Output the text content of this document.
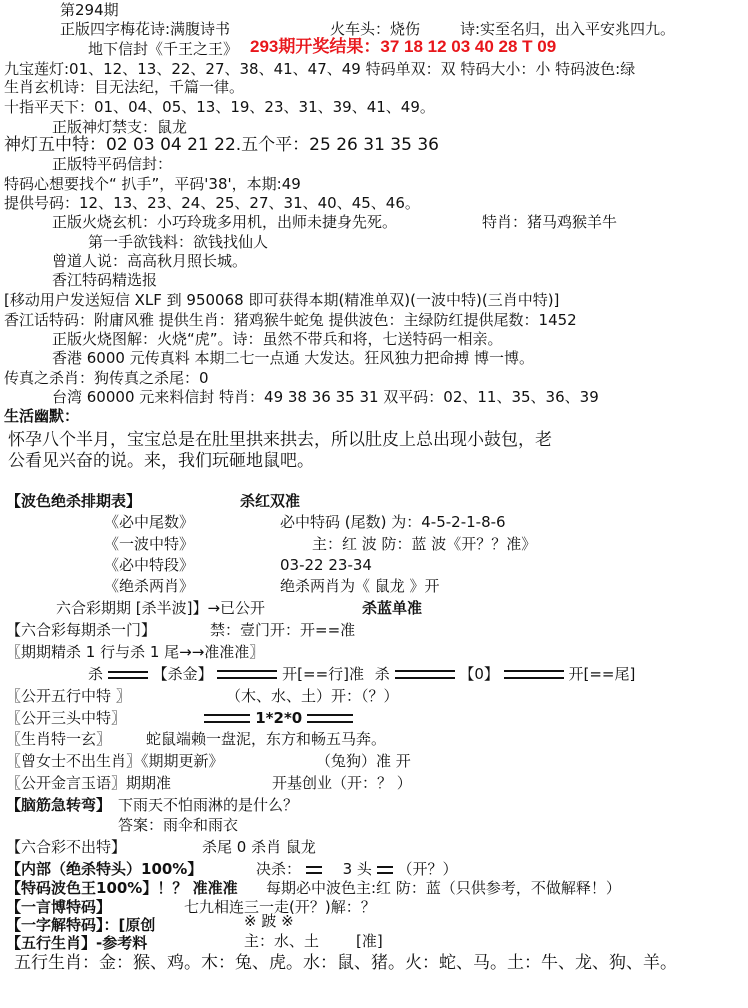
第294期
正版四字梅花诗:满腹诗书	火车头：烧伤	诗:实至名归，出入平安兆四九。
地下信封《千王之王》 293期开奖结果：37 18 12 03 40 28 T 09
九宝莲灯:01、12、13、22、27、38、41、47、49 特码单双：双 特码大小：小 特码波色:绿
生肖玄机诗：目无法纪，千篇一律。
十指平天下：01、04、05、13、19、23、31、39、41、49。
正版神灯禁支：鼠龙
神灯五中特：02 03 04 21 22.五个平：25 26 31 35 36
正版特平码信封：
特码心想要找个“ 扒手”，平码'38'，本期:49
提供号码：12、13、23、24、25、27、31、40、45、46。
正版火烧玄机：小巧玲珑多用机，出师未捷身先死。	特肖：猪马鸡猴羊牛
第一手欲钱料：欲钱找仙人
曾道人说：高高秋月照长城。
香江特码精选报
[移动用户发送短信 XLF 到 950068 即可获得本期(精准单双)(一波中特)(三肖中特)]
香江话特码：附庸风雅 提供生肖：猪鸡猴牛蛇兔 提供波色：主绿防红提供尾数：1452
正版火烧图解：火烧“虎”。诗：虽然不带兵和将，七送特码一相亲。
香港 6000 元传真料 本期二七一点通 大发达。狂风独力把命搏 博一博。
传真之杀肖：狗传真之杀尾：0
台湾 60000 元来料信封 特肖：49 38 36 35 31 双平码：02、11、35、36、39
生活幽默：
怀孕八个半月，宝宝总是在肚里拱来拱去，所以肚皮上总出现小鼓包，老
公看见兴奋的说。来，我们玩砸地鼠吧。
【波色绝杀排期表】	杀红双准
《必中尾数》	必中特码 (尾数) 为：4-5-2-1-8-6
《一波中特》	主：红 波 防：蓝 波《开？？准》
《必中特段》	03-22 23-34
《绝杀两肖》	绝杀两肖为《 鼠龙 》开
六合彩期期 [杀半波]】→已公开	杀蓝单准
【六合彩每期杀一门】	禁：壹门开：开==准
〖期期精杀 1 行与杀 1 尾→→准准准〗
杀	【杀金】	开[==行]准 杀	【0】	开[==尾]
〖公开五行中特 〗	（木、水、土）开：（？）
〖公开三头中特〗	1*2*0
〖生肖特一玄〗 蛇鼠端赖一盘泥，东方和畅五马奔。
〖曾女士不出生肖〗《期期更新》	（兔狗）准 开
〖公开金言玉语〗期期准	开基创业（开：？ ）
【脑筋急转弯】 下雨天不怕雨淋的是什么？
答案：雨伞和雨衣
【六合彩不出特】	杀尾 0 杀肖 鼠龙
【内部（绝杀特头）100%】	决杀：	3 头 （开？）
【特码波色王100%】！？ 准准准 每期必中波色主:红 防：蓝（只供参考，不做解释！）
【一言博特码】	七九相连三一走(开？)解：？
【一字解特码】：[原创	※ 跛 ※
【五行生肖】-参考料	主：水、土 [准]
五行生肖：金：猴、鸡。木：兔、虎。水：鼠、猪。火：蛇、马。土：牛、龙、狗、羊。
